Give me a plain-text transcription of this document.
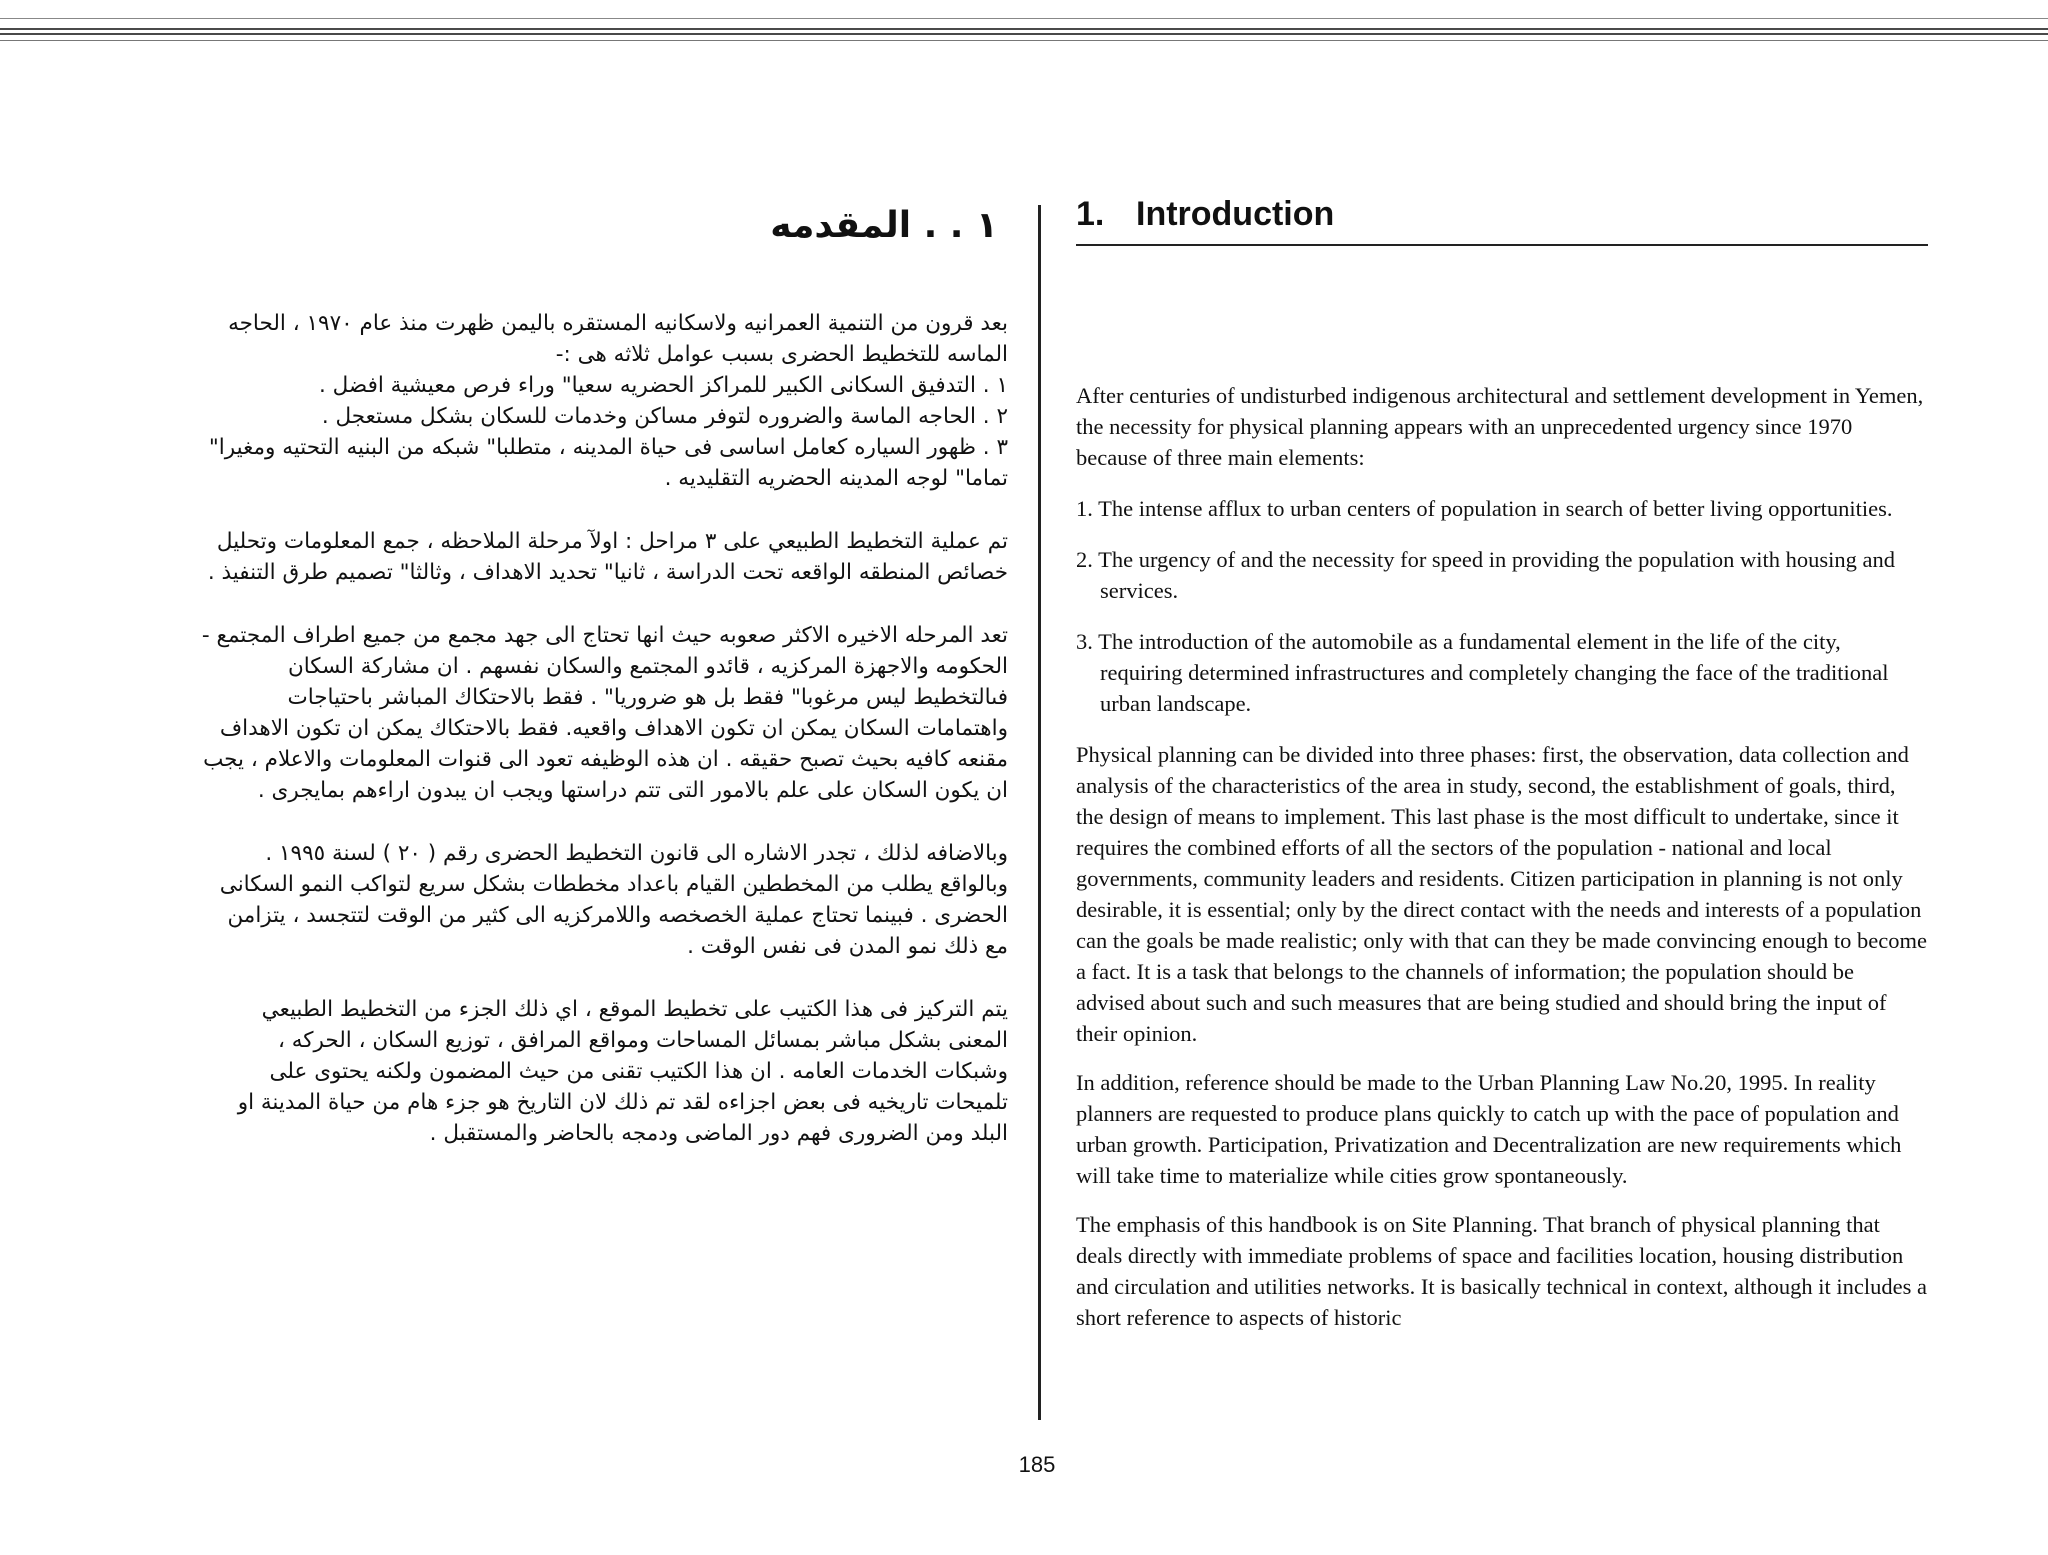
١ . . المقدمه

بعد قرون من التنمية العمرانيه ولاسكانيه المستقره باليمن ظهرت منذ عام ١٩٧٠ ، الحاجه الماسه للتخطيط الحضرى بسبب عوامل ثلاثه هى :-

١ . التدفيق السكانى الكبير للمراكز الحضريه سعيا" وراء فرص معيشية افضل .
٢ . الحاجه الماسة والضروره لتوفر مساكن وخدمات للسكان بشكل مستعجل .
٣ . ظهور السياره كعامل اساسى فى حياة المدينه ، متطلبا" شبكه من البنيه التحتيه ومغيرا" تماما" لوجه المدينه الحضريه التقليديه .

تم عملية التخطيط الطبيعي على ٣ مراحل : اولآ مرحلة الملاحظه ، جمع المعلومات وتحليل خصائص المنطقه الواقعه تحت الدراسة ، ثانيا" تحديد الاهداف ، وثالثا" تصميم طرق التنفيذ .

تعد المرحله الاخيره الاكثر صعوبه حيث انها تحتاج الى جهد مجمع من جميع اطراف المجتمع - الحكومه والاجهزة المركزيه ، قائدو المجتمع والسكان نفسهم . ان مشاركة السكان فىالتخطيط ليس مرغوبا" فقط بل هو ضروريا" . فقط بالاحتكاك المباشر باحتياجات واهتمامات السكان يمكن ان تكون الاهداف واقعيه. فقط بالاحتكاك يمكن ان تكون الاهداف مقنعه كافيه بحيث تصبح حقيقه . ان هذه الوظيفه تعود الى قنوات المعلومات والاعلام ، يجب ان يكون السكان على علم بالامور التى تتم دراستها ويجب ان يبدون اراءهم بمايجرى .

وبالاضافه لذلك ، تجدر الاشاره الى قانون التخطيط الحضرى رقم ( ٢٠ ) لسنة ١٩٩٥ . وبالواقع يطلب من المخططين القيام باعداد مخططات بشكل سريع لتواكب النمو السكانى الحضرى . فبينما تحتاج عملية الخصخصه واللامركزيه الى كثير من الوقت لتتجسد ، يتزامن مع ذلك نمو المدن فى نفس الوقت .

يتم التركيز فى هذا الكتيب على تخطيط الموقع ، اي ذلك الجزء من التخطيط الطبيعي المعنى بشكل مباشر بمسائل المساحات ومواقع المرافق ، توزيع السكان ، الحركه ، وشبكات الخدمات العامه . ان هذا الكتيب تقنى من حيث المضمون ولكنه يحتوى على تلميحات تاريخيه فى بعض اجزاءه لقد تم ذلك لان التاريخ هو جزء هام من حياة المدينة او البلد ومن الضرورى فهم دور الماضى ودمجه بالحاضر والمستقبل .

1. Introduction

After centuries of undisturbed indigenous architectural and settlement development in Yemen, the necessity for physical planning appears with an unprecedented urgency since 1970 because of three main elements:

1. The intense afflux to urban centers of population in search of better living opportunities.
2. The urgency of and the necessity for speed in providing the population with housing and services.
3. The introduction of the automobile as a fundamental element in the life of the city, requiring determined infrastructures and completely changing the face of the traditional urban landscape.

Physical planning can be divided into three phases: first, the observation, data collection and analysis of the characteristics of the area in study, second, the establishment of goals, third, the design of means to implement. This last phase is the most difficult to undertake, since it requires the combined efforts of all the sectors of the population - national and local governments, community leaders and residents. Citizen participation in planning is not only desirable, it is essential; only by the direct contact with the needs and interests of a population can the goals be made realistic; only with that can they be made convincing enough to become a fact. It is a task that belongs to the channels of information; the population should be advised about such and such measures that are being studied and should bring the input of their opinion.

In addition, reference should be made to the Urban Planning Law No.20, 1995. In reality planners are requested to produce plans quickly to catch up with the pace of population and urban growth. Participation, Privatization and Decentralization are new requirements which will take time to materialize while cities grow spontaneously.

The emphasis of this handbook is on Site Planning. That branch of physical planning that deals directly with immediate problems of space and facilities location, housing distribution and circulation and utilities networks. It is basically technical in context, although it includes a short reference to aspects of historic

185
